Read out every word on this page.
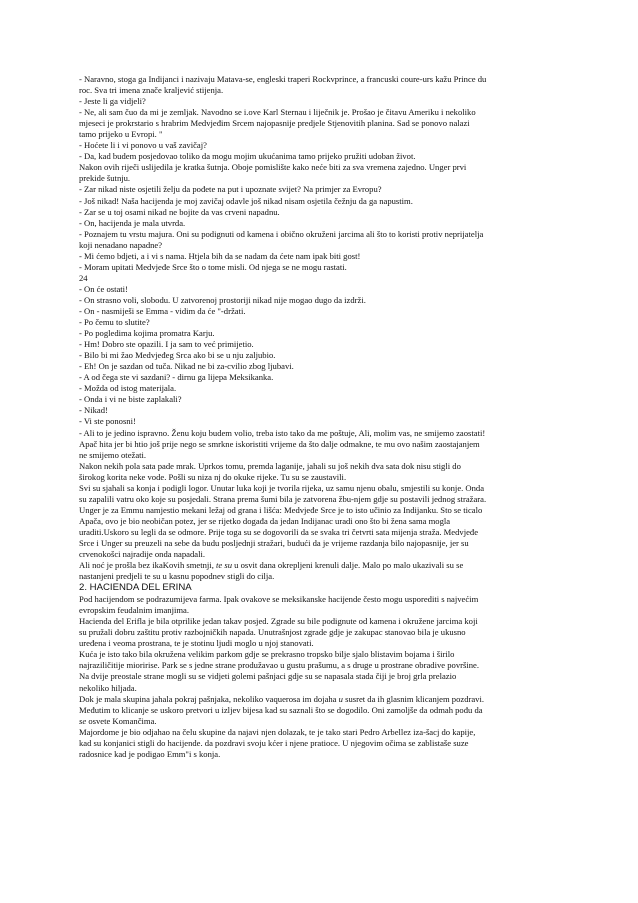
- Naravno, stoga ga Indijanci i nazivaju Matava-se, engleski traperi Rockvprince, a francuski coure-urs kažu Prince du
roc. Sva tri imena znače kraljević stijenja.
- Jeste li ga vidjeli?
- Ne, ali sam čuo da mi je zemljak. Navodno se i.ove Karl Sternau i liječnik je. Prošao je čitavu Ameriku i nekoliko
mjeseci je prokrstario s hrabrim Medvjeđim Srcem najopasnije predjele Stjenovitih planina. Sad se ponovo nalazi
tamo prijeko u Evropi. "
- Hoćete li i vi ponovo u vaš zavičaj?
- Da, kad budem posjedovao toliko da mogu mojim ukućanima tamo prijeko pružiti udoban život.
Nakon ovih riječi uslijedila je kratka šutnja. Oboje pomislište kako neće biti za sva vremena zajedno. Unger prvi
prekide šutnju.
- Zar nikad niste osjetili želju da pođete na put i upoznate svijet? Na primjer za Evropu?
- Još nikad! Naša hacijenda je moj zavičaj odavle još nikad nisam osjetila čežnju da ga napustim.
- Zar se u toj osami nikad ne bojite da vas crveni napadnu.
- On, hacijenda je mala utvrda.
- Poznajem tu vrstu majura. Oni su podignuti od kamena i obično okruženi jarcima ali što to koristi protiv neprijatelja
koji nenadano napadne?
- Mi ćemo bdjeti, a i vi s nama. Htjela bih da se nadam da ćete nam ipak biti gost!
- Moram upitati Medvjeđe Srce što o tome misli. Od njega se ne mogu rastati.
24
- On će ostati!
- On strasno voli, slobodu. U zatvorenoj prostoriji nikad nije mogao dugo da izdrži.
- On - nasmiješi se Emma - vidim da će "-držati.
- Po čemu to slutite?
- Po pogledima kojima promatra Karju.
- Hm! Dobro ste opazili. I ja sam to već primijetio.
- Bilo bi mi žao Medvjeđeg Srca ako bi se u nju zaljubio.
- Eh! On je sazdan od tuča. Nikad ne bi za-cvilio zbog ljubavi.
- A od čega ste vi sazdani? - dirnu ga lijepa Meksikanka.
- Možda od istog materijala.
- Onda i vi ne biste zaplakali?
- Nikad!
- Vi ste ponosni!
- Ali to je jedino ispravno. Ženu koju budem volio, treba isto tako da me poštuje, Ali, molim vas, ne smijemo zaostati!
Apač hita jer bi htio još prije nego se smrkne iskoristiti vrijeme da što dalje odmakne, te mu ovo našim zaostajanjem
ne smijemo otežati.
Nakon nekih pola sata pade mrak. Uprkos tomu, premda laganije, jahali su još nekih dva sata dok nisu stigli do
širokog korita neke vode. Pošli su niza nj do okuke rijeke. Tu su se zaustavili.
Svi su sjahali sa konja i podigli logor. Unutar luka koji je tvorila rijeka, uz samu njenu obalu, smjestili su konje. Onda
su zapalili vatru oko koje su posjedali. Strana prema šumi bila je zatvorena žbu-njem gdje su postavili jednog stražara.
Unger je za Emmu namjestio mekani ležaj od grana i lišća: Medvjeđe Srce je to isto učinio za Indijanku. Sto se ticalo
Apača, ovo je bio neobičan potez, jer se rijetko događa da jedan Indijanac uradi ono što bi žena sama mogla
uraditi.Uskoro su legli da se odmore. Prije toga su se dogovorili da se svaka tri četvrti sata mijenja straža. Medvjeđe
Srce i Unger su preuzeli na sebe da budu posljednji stražari, budući da je vrijeme razdanja bilo najopasnije, jer su
crvenokošci najradije onda napadali.
Ali noć je prošla bez ikaKovih smetnji, te su u osvit dana okrepljeni krenuli dalje. Malo po malo ukazivali su se
nastanjeni predjeli te su u kasnu popodnev stigli do cilja.
2. HACIENDA DEL ERINA
Pod hacijendom se podrazumijeva farma. Ipak ovakove se meksikanske hacijende često mogu usporediti s najvećim
evropskim feudalnim imanjima.
Hacienda del Erifla je bila otprilike jedan takav posjed. Zgrade su bile podignute od kamena i okružene jarcima koji
su pružali dobru zaštitu protiv razbojničkih napada. Unutrašnjost zgrade gdje je zakupac stanovao bila je ukusno
uređena i veoma prostrana, te je stotinu ljudi moglo u njoj stanovati.
Kuća je isto tako bila okružena velikim parkom gdje se prekrasno tropsko bilje sjalo blistavim bojama i širilo
najraziličitije mioririse. Park se s jedne strane produžavao u gustu prašumu, a s druge u prostrane obradive površine.
Na dvije preostale strane mogli su se vidjeti golemi pašnjaci gdje su se napasala stada čiji je broj grla prelazio
nekoliko hiljada.
Dok je mala skupina jahala pokraj pašnjaka, nekoliko vaquerosa im dojaha u susret da ih glasnim klicanjem pozdravi.
Međutim to klicanje se uskoro pretvori u izljev bijesa kad su saznali što se dogodilo. Oni zamoljše da odmah pođu da
se osvete Komančima.
Majordome je bio odjahao na čelu skupine da najavi njen dolazak, te je tako stari Pedro Arbellez iza-šacj do kapije,
kad su konjanici stigli do hacijende. da pozdravi svoju kćer i njene pratioce. U njegovim očima se zablistaše suze
radosnice kad je podigao Emm"i s konja.
